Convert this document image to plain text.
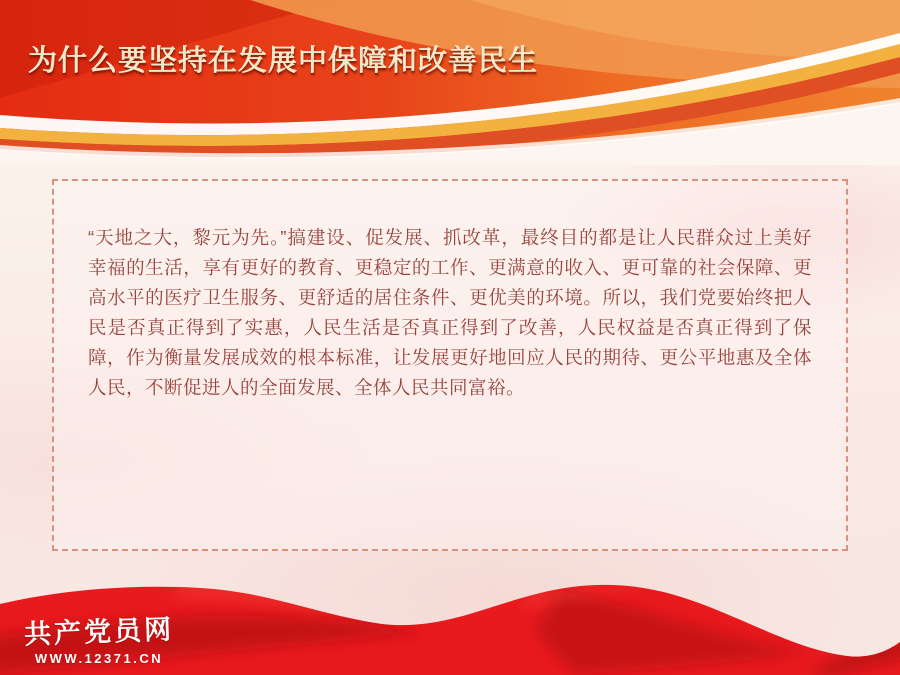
为什么要坚持在发展中保障和改善民生

“天地之大，黎元为先。”搞建设、促发展、抓改革，最终目的都是让人民群众过上美好幸福的生活，享有更好的教育、更稳定的工作、更满意的收入、更可靠的社会保障、更高水平的医疗卫生服务、更舒适的居住条件、更优美的环境。所以，我们党要始终把人民是否真正得到了实惠，人民生活是否真正得到了改善，人民权益是否真正得到了保障，作为衡量发展成效的根本标准，让发展更好地回应人民的期待、更公平地惠及全体人民，不断促进人的全面发展、全体人民共同富裕。

共产党员网
WWW.12371.CN
